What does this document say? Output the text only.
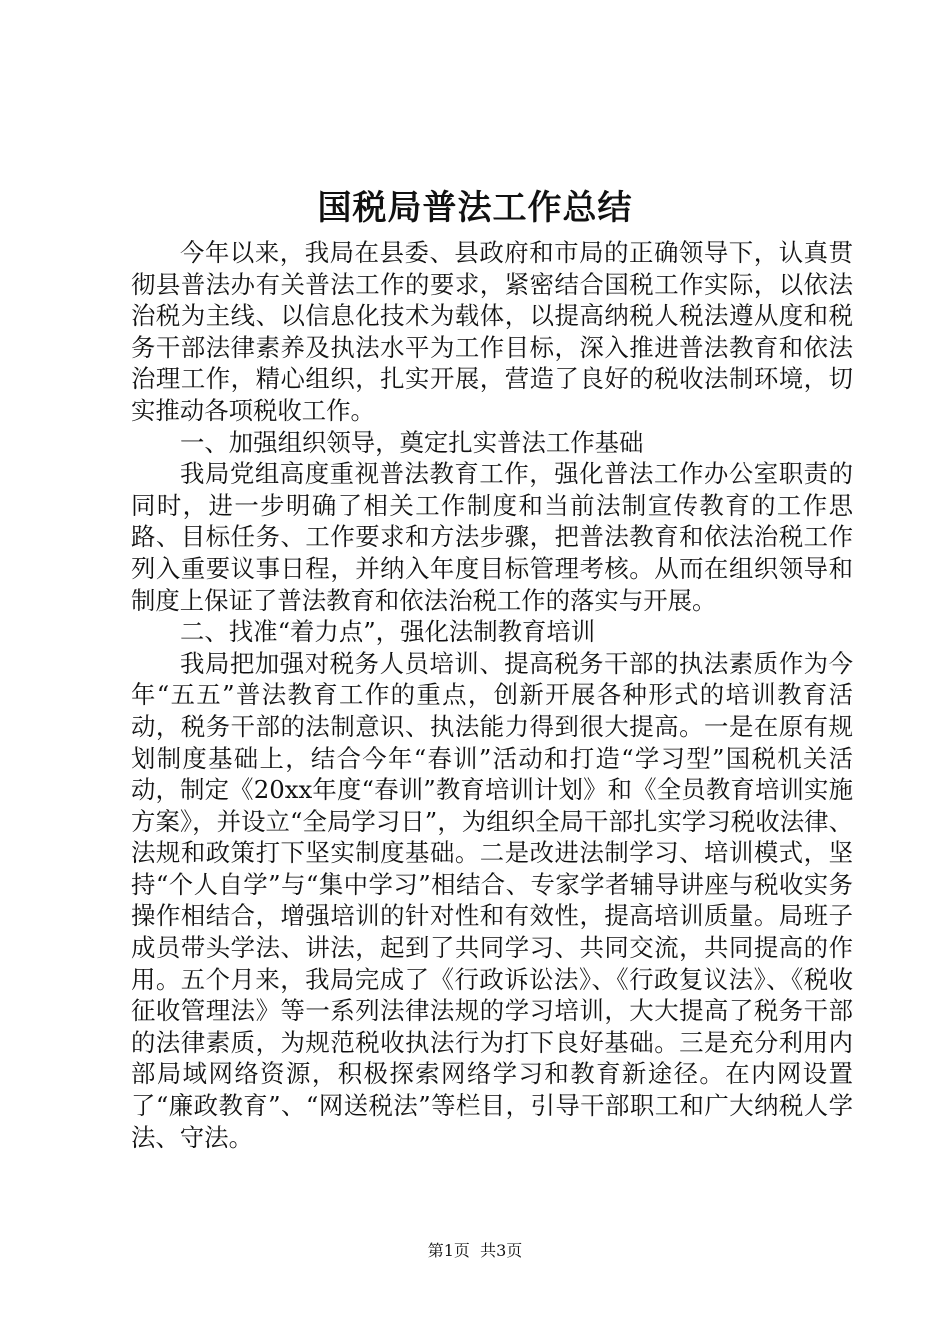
国税局普法工作总结

今年以来，我局在县委、县政府和市局的正确领导下，认真贯彻县普法办有关普法工作的要求，紧密结合国税工作实际，以依法治税为主线、以信息化技术为载体，以提高纳税人税法遵从度和税务干部法律素养及执法水平为工作目标，深入推进普法教育和依法治理工作，精心组织，扎实开展，营造了良好的税收法制环境，切实推动各项税收工作。

一、加强组织领导，奠定扎实普法工作基础

我局党组高度重视普法教育工作，强化普法工作办公室职责的同时，进一步明确了相关工作制度和当前法制宣传教育的工作思路、目标任务、工作要求和方法步骤，把普法教育和依法治税工作列入重要议事日程，并纳入年度目标管理考核。从而在组织领导和制度上保证了普法教育和依法治税工作的落实与开展。

二、找准“着力点”，强化法制教育培训

我局把加强对税务人员培训、提高税务干部的执法素质作为今年“五五”普法教育工作的重点，创新开展各种形式的培训教育活动，税务干部的法制意识、执法能力得到很大提高。一是在原有规划制度基础上，结合今年“春训”活动和打造“学习型”国税机关活动，制定《20xx年度“春训”教育培训计划》和《全员教育培训实施方案》，并设立“全局学习日”，为组织全局干部扎实学习税收法律、法规和政策打下坚实制度基础。二是改进法制学习、培训模式，坚持“个人自学”与“集中学习”相结合、专家学者辅导讲座与税收实务操作相结合，增强培训的针对性和有效性，提高培训质量。局班子成员带头学法、讲法，起到了共同学习、共同交流，共同提高的作用。五个月来，我局完成了《行政诉讼法》、《行政复议法》、《税收征收管理法》等一系列法律法规的学习培训，大大提高了税务干部的法律素质，为规范税收执法行为打下良好基础。三是充分利用内部局域网络资源，积极探索网络学习和教育新途径。在内网设置了“廉政教育”、“网送税法”等栏目，引导干部职工和广大纳税人学法、守法。

第1页  共3页
